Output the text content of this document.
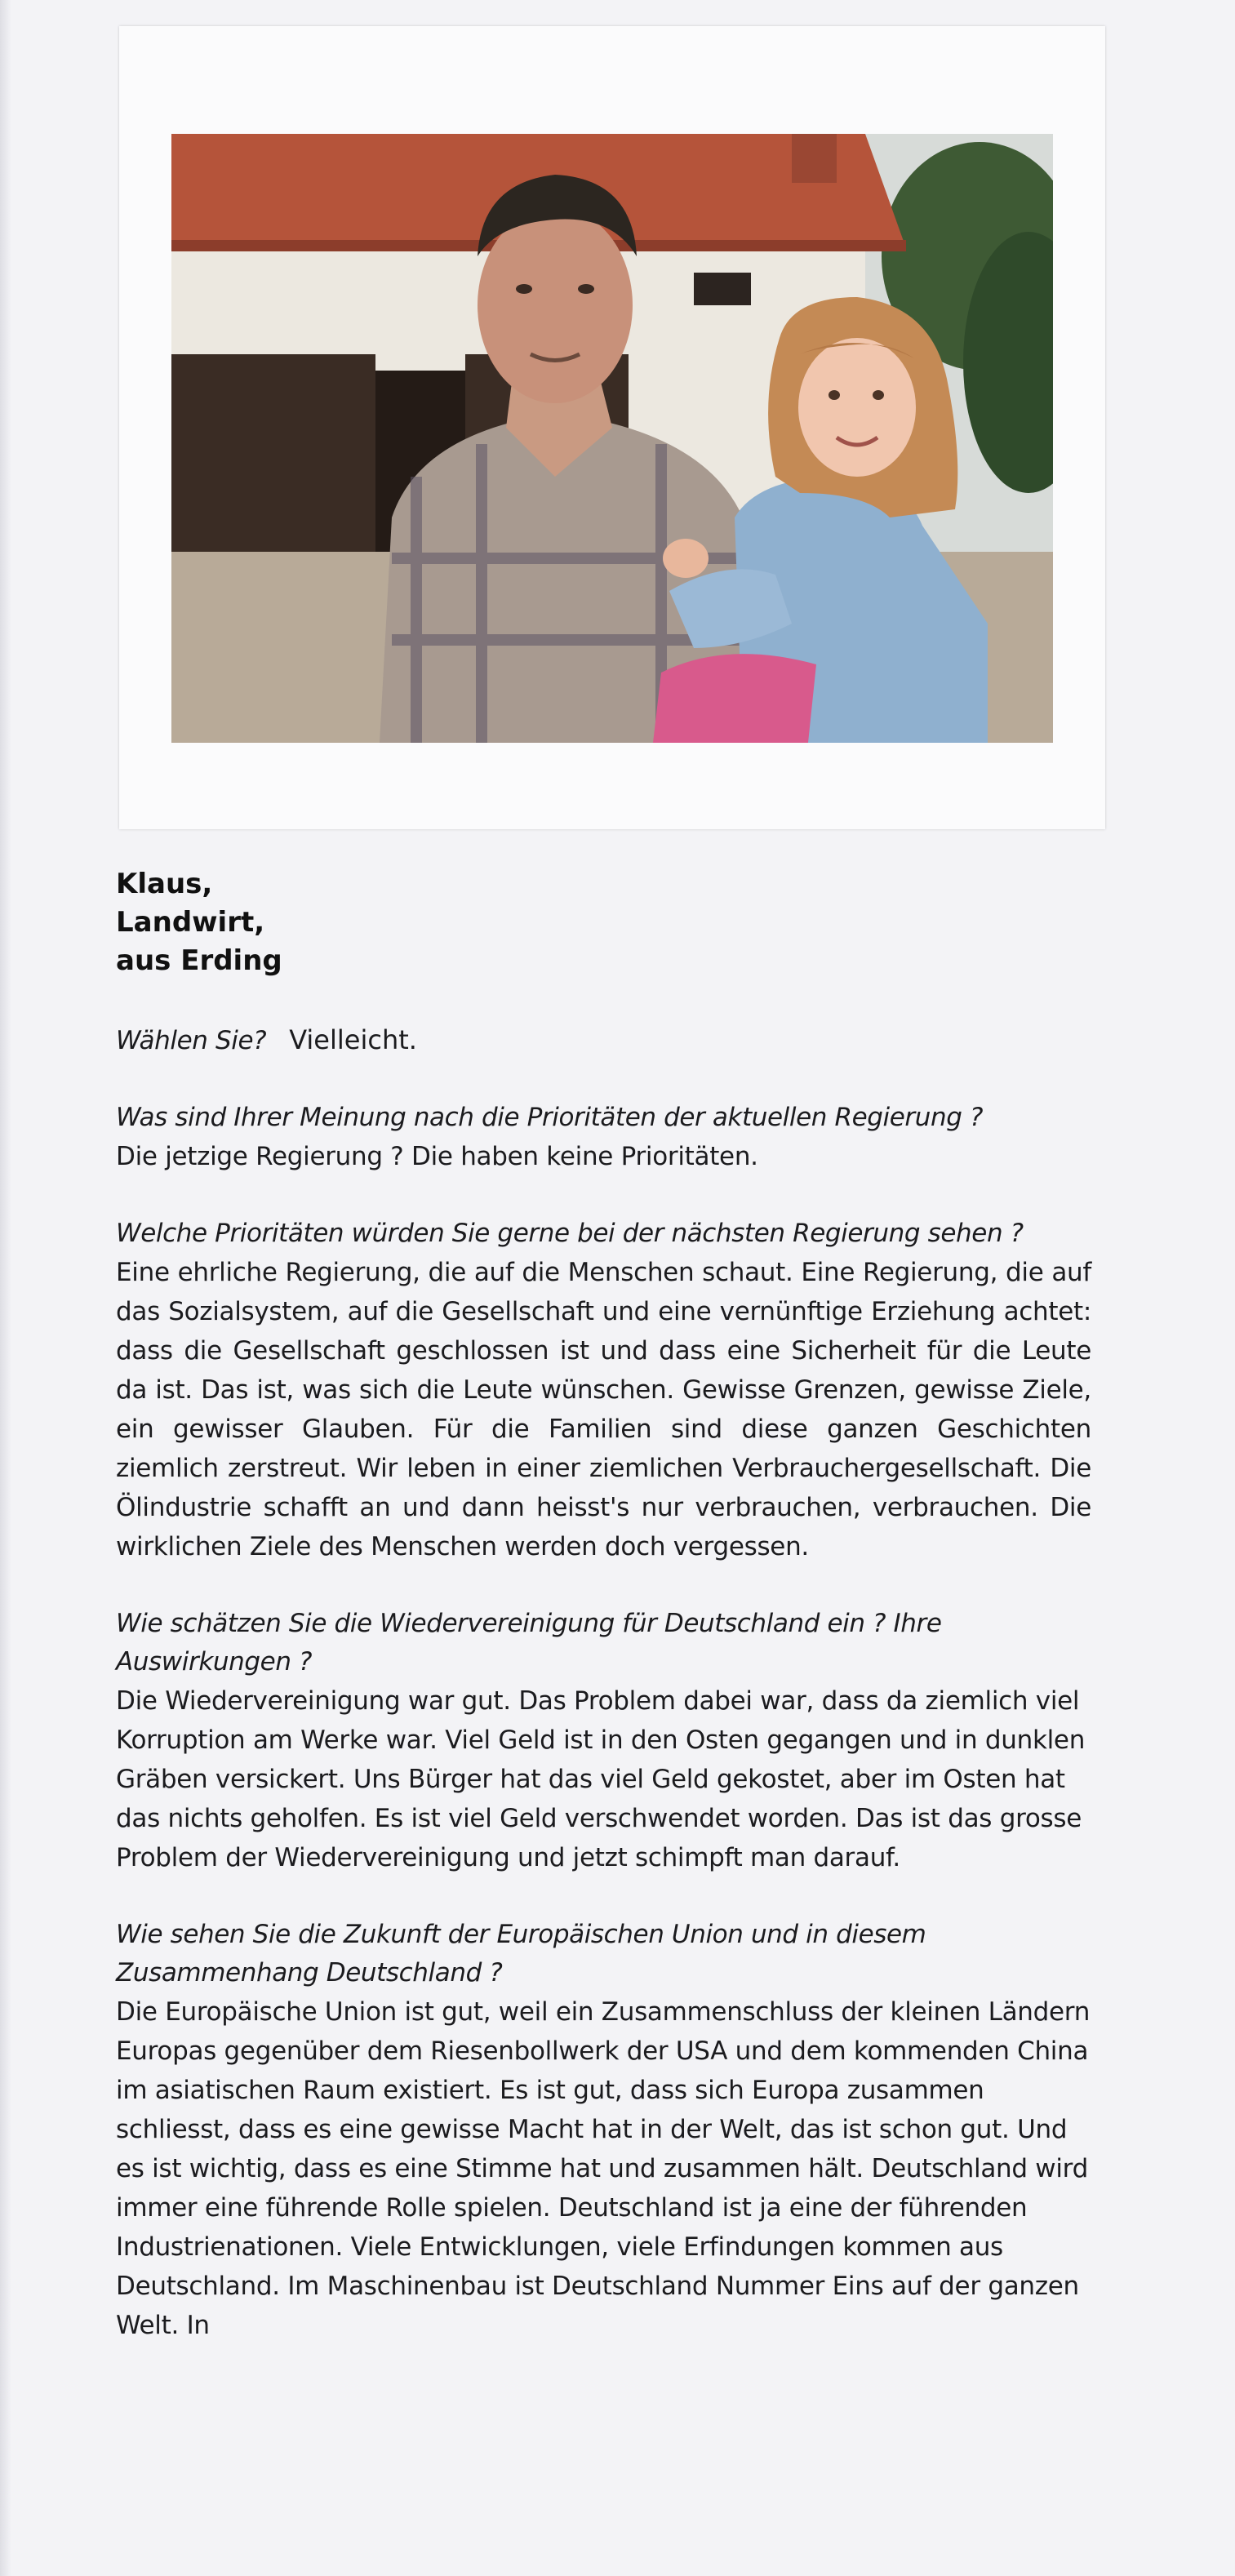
Klaus,

Landwirt,

aus Erding

Wählen Sie? Vielleicht.

Was sind Ihrer Meinung nach die Prioritäten der aktuellen Regierung ?

Die jetzige Regierung ? Die haben keine Prioritäten.

Welche Prioritäten würden Sie gerne bei der nächsten Regierung sehen ?

Eine ehrliche Regierung, die auf die Menschen schaut. Eine Regierung, die auf das Sozialsystem, auf die Gesellschaft und eine vernünftige Erziehung achtet: dass die Gesellschaft geschlossen ist und dass eine Sicherheit für die Leute da ist. Das ist, was sich die Leute wünschen. Gewisse Grenzen, gewisse Ziele, ein gewisser Glauben. Für die Familien sind diese ganzen Geschichten ziemlich zerstreut. Wir leben in einer ziemlichen Verbrauchergesellschaft. Die Ölindustrie schafft an und dann heisst's nur verbrauchen, verbrauchen. Die wirklichen Ziele des Menschen werden doch vergessen.

Wie schätzen Sie die Wiedervereinigung für Deutschland ein ? Ihre Auswirkungen ?

Die Wiedervereinigung war gut. Das Problem dabei war, dass da ziemlich viel Korruption am Werke war. Viel Geld ist in den Osten gegangen und in dunklen Gräben versickert. Uns Bürger hat das viel Geld gekostet, aber im Osten hat das nichts geholfen. Es ist viel Geld verschwendet worden. Das ist das grosse Problem der Wiedervereinigung und jetzt schimpft man darauf.

Wie sehen Sie die Zukunft der Europäischen Union und in diesem Zusammenhang Deutschland ?

Die Europäische Union ist gut, weil ein Zusammenschluss der kleinen Ländern Europas gegenüber dem Riesenbollwerk der USA und dem kommenden China im asiatischen Raum existiert. Es ist gut, dass sich Europa zusammen schliesst, dass es eine gewisse Macht hat in der Welt, das ist schon gut. Und es ist wichtig, dass es eine Stimme hat und zusammen hält. Deutschland wird immer eine führende Rolle spielen. Deutschland ist ja eine der führenden Industrienationen. Viele Entwicklungen, viele Erfindungen kommen aus Deutschland. Im Maschinenbau ist Deutschland Nummer Eins auf der ganzen Welt. In
